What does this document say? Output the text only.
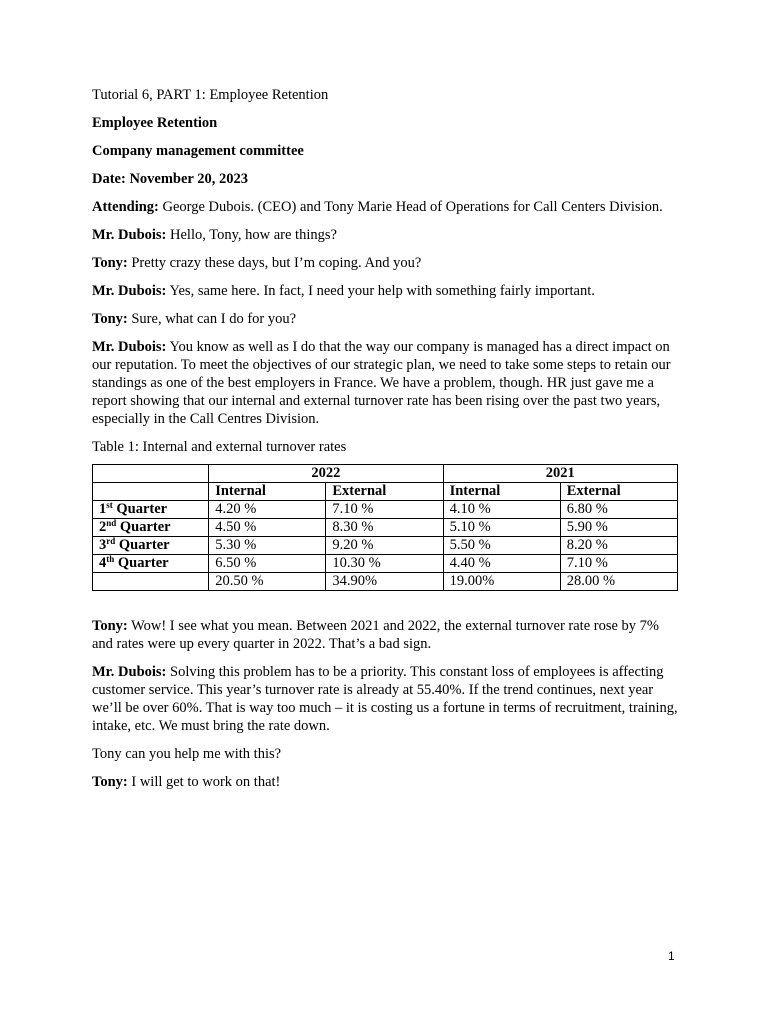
Tutorial 6, PART 1: Employee Retention

Employee Retention

Company management committee

Date: November 20, 2023

Attending: George Dubois. (CEO) and Tony Marie Head of Operations for Call Centers Division.

Mr. Dubois: Hello, Tony, how are things?

Tony: Pretty crazy these days, but I’m coping. And you?

Mr. Dubois: Yes, same here. In fact, I need your help with something fairly important.

Tony: Sure, what can I do for you?

Mr. Dubois: You know as well as I do that the way our company is managed has a direct impact on our reputation. To meet the objectives of our strategic plan, we need to take some steps to retain our standings as one of the best employers in France. We have a problem, though. HR just gave me a report showing that our internal and external turnover rate has been rising over the past two years, especially in the Call Centres Division.

Table 1: Internal and external turnover rates

	2022		2021	
	Internal	External	Internal	External
1st Quarter	4.20 %	7.10 %	4.10 %	6.80 %
2nd Quarter	4.50 %	8.30 %	5.10 %	5.90 %
3rd Quarter	5.30 %	9.20 %	5.50 %	8.20 %
4th Quarter	6.50 %	10.30 %	4.40 %	7.10 %
	20.50 %	34.90%	19.00%	28.00 %

Tony: Wow! I see what you mean. Between 2021 and 2022, the external turnover rate rose by 7% and rates were up every quarter in 2022. That’s a bad sign.

Mr. Dubois: Solving this problem has to be a priority. This constant loss of employees is affecting customer service. This year’s turnover rate is already at 55.40%. If the trend continues, next year we’ll be over 60%. That is way too much – it is costing us a fortune in terms of recruitment, training, intake, etc. We must bring the rate down.

Tony can you help me with this?

Tony: I will get to work on that!

1
